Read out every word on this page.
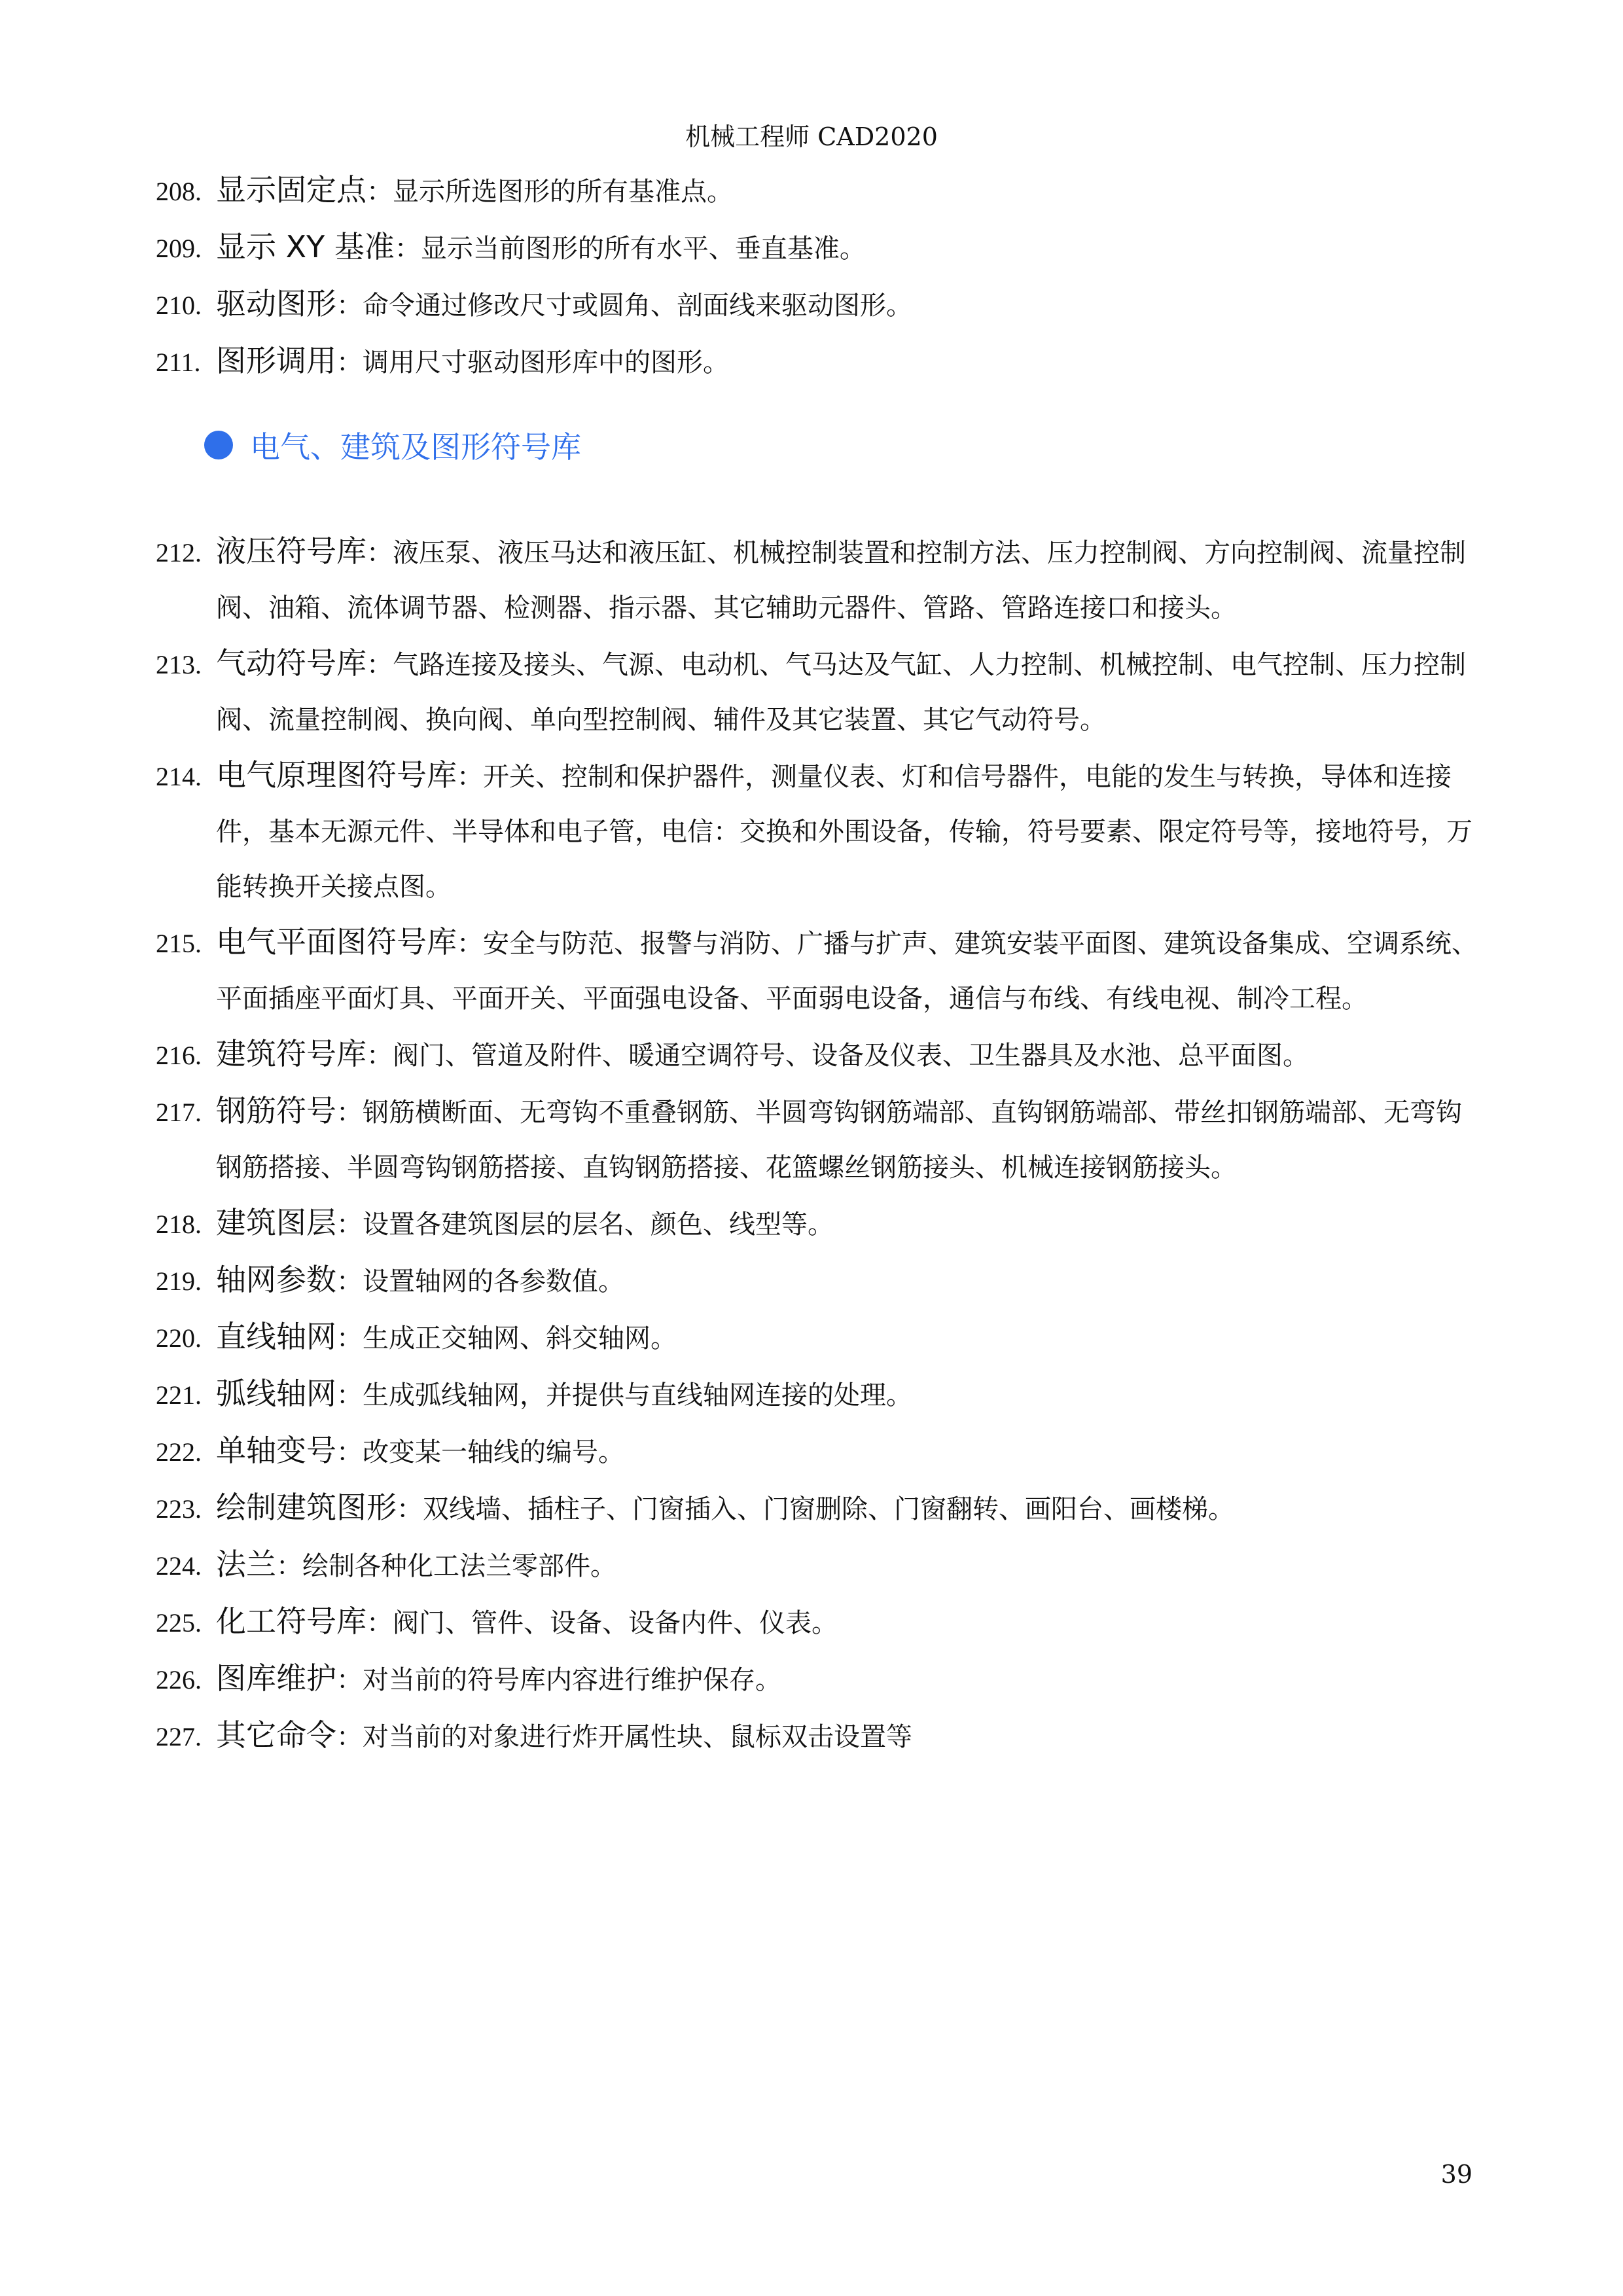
机械工程师 CAD2020
208. 显示固定点：显示所选图形的所有基准点。
209. 显示 XY 基准：显示当前图形的所有水平、垂直基准。
210. 驱动图形：命令通过修改尺寸或圆角、剖面线来驱动图形。
211. 图形调用：调用尺寸驱动图形库中的图形。
电气、建筑及图形符号库
212. 液压符号库：液压泵、液压马达和液压缸、机械控制装置和控制方法、压力控制阀、方向控制阀、流量控制阀、油箱、流体调节器、检测器、指示器、其它辅助元器件、管路、管路连接口和接头。
213. 气动符号库：气路连接及接头、气源、电动机、气马达及气缸、人力控制、机械控制、电气控制、压力控制阀、流量控制阀、换向阀、单向型控制阀、辅件及其它装置、其它气动符号。
214. 电气原理图符号库：开关、控制和保护器件，测量仪表、灯和信号器件，电能的发生与转换，导体和连接件，基本无源元件、半导体和电子管，电信：交换和外围设备，传输，符号要素、限定符号等，接地符号，万能转换开关接点图。
215. 电气平面图符号库：安全与防范、报警与消防、广播与扩声、建筑安装平面图、建筑设备集成、空调系统、平面插座平面灯具、平面开关、平面强电设备、平面弱电设备，通信与布线、有线电视、制冷工程。
216. 建筑符号库：阀门、管道及附件、暖通空调符号、设备及仪表、卫生器具及水池、总平面图。
217. 钢筋符号：钢筋横断面、无弯钩不重叠钢筋、半圆弯钩钢筋端部、直钩钢筋端部、带丝扣钢筋端部、无弯钩钢筋搭接、半圆弯钩钢筋搭接、直钩钢筋搭接、花篮螺丝钢筋接头、机械连接钢筋接头。
218. 建筑图层：设置各建筑图层的层名、颜色、线型等。
219. 轴网参数：设置轴网的各参数值。
220. 直线轴网：生成正交轴网、斜交轴网。
221. 弧线轴网：生成弧线轴网，并提供与直线轴网连接的处理。
222. 单轴变号：改变某一轴线的编号。
223. 绘制建筑图形：双线墙、插柱子、门窗插入、门窗删除、门窗翻转、画阳台、画楼梯。
224. 法兰：绘制各种化工法兰零部件。
225. 化工符号库：阀门、管件、设备、设备内件、仪表。
226. 图库维护：对当前的符号库内容进行维护保存。
227. 其它命令：对当前的对象进行炸开属性块、鼠标双击设置等
39
